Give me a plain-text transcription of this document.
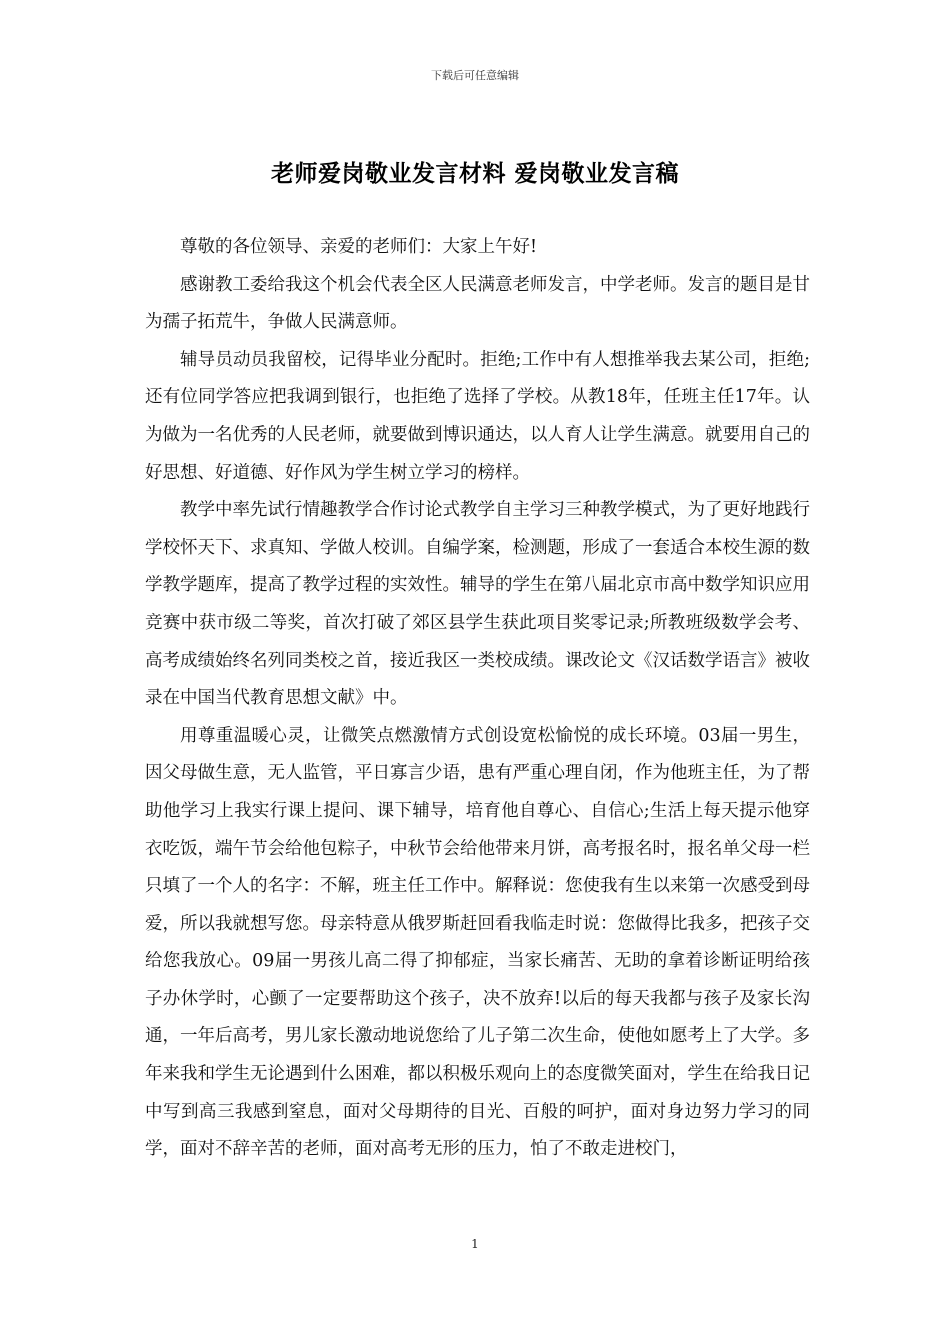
下载后可任意编辑
老师爱岗敬业发言材料 爱岗敬业发言稿

尊敬的各位领导、亲爱的老师们：大家上午好!

感谢教工委给我这个机会代表全区人民满意老师发言，中学老师。发言的题目是甘为孺子拓荒牛，争做人民满意师。

辅导员动员我留校，记得毕业分配时。拒绝;工作中有人想推举我去某公司，拒绝;还有位同学答应把我调到银行，也拒绝了选择了学校。从教18年，任班主任17年。认为做为一名优秀的人民老师，就要做到博识通达，以人育人让学生满意。就要用自己的好思想、好道德、好作风为学生树立学习的榜样。

教学中率先试行情趣教学合作讨论式教学自主学习三种教学模式，为了更好地践行学校怀天下、求真知、学做人校训。自编学案，检测题，形成了一套适合本校生源的数学教学题库，提高了教学过程的实效性。辅导的学生在第八届北京市高中数学知识应用竞赛中获市级二等奖，首次打破了郊区县学生获此项目奖零记录;所教班级数学会考、高考成绩始终名列同类校之首，接近我区一类校成绩。课改论文《汉话数学语言》被收录在中国当代教育思想文献》中。

用尊重温暖心灵，让微笑点燃激情方式创设宽松愉悦的成长环境。03届一男生，因父母做生意，无人监管，平日寡言少语，患有严重心理自闭，作为他班主任，为了帮助他学习上我实行课上提问、课下辅导，培育他自尊心、自信心;生活上每天提示他穿衣吃饭，端午节会给他包粽子，中秋节会给他带来月饼，高考报名时，报名单父母一栏只填了一个人的名字：不解，班主任工作中。解释说：您使我有生以来第一次感受到母爱，所以我就想写您。母亲特意从俄罗斯赶回看我临走时说：您做得比我多，把孩子交给您我放心。09届一男孩儿高二得了抑郁症，当家长痛苦、无助的拿着诊断证明给孩子办休学时，心颤了一定要帮助这个孩子，决不放弃!以后的每天我都与孩子及家长沟通，一年后高考，男儿家长激动地说您给了儿子第二次生命，使他如愿考上了大学。多年来我和学生无论遇到什么困难，都以积极乐观向上的态度微笑面对，学生在给我日记中写到高三我感到窒息，面对父母期待的目光、百般的呵护，面对身边努力学习的同学，面对不辞辛苦的老师，面对高考无形的压力，怕了不敢走进校门，

1
